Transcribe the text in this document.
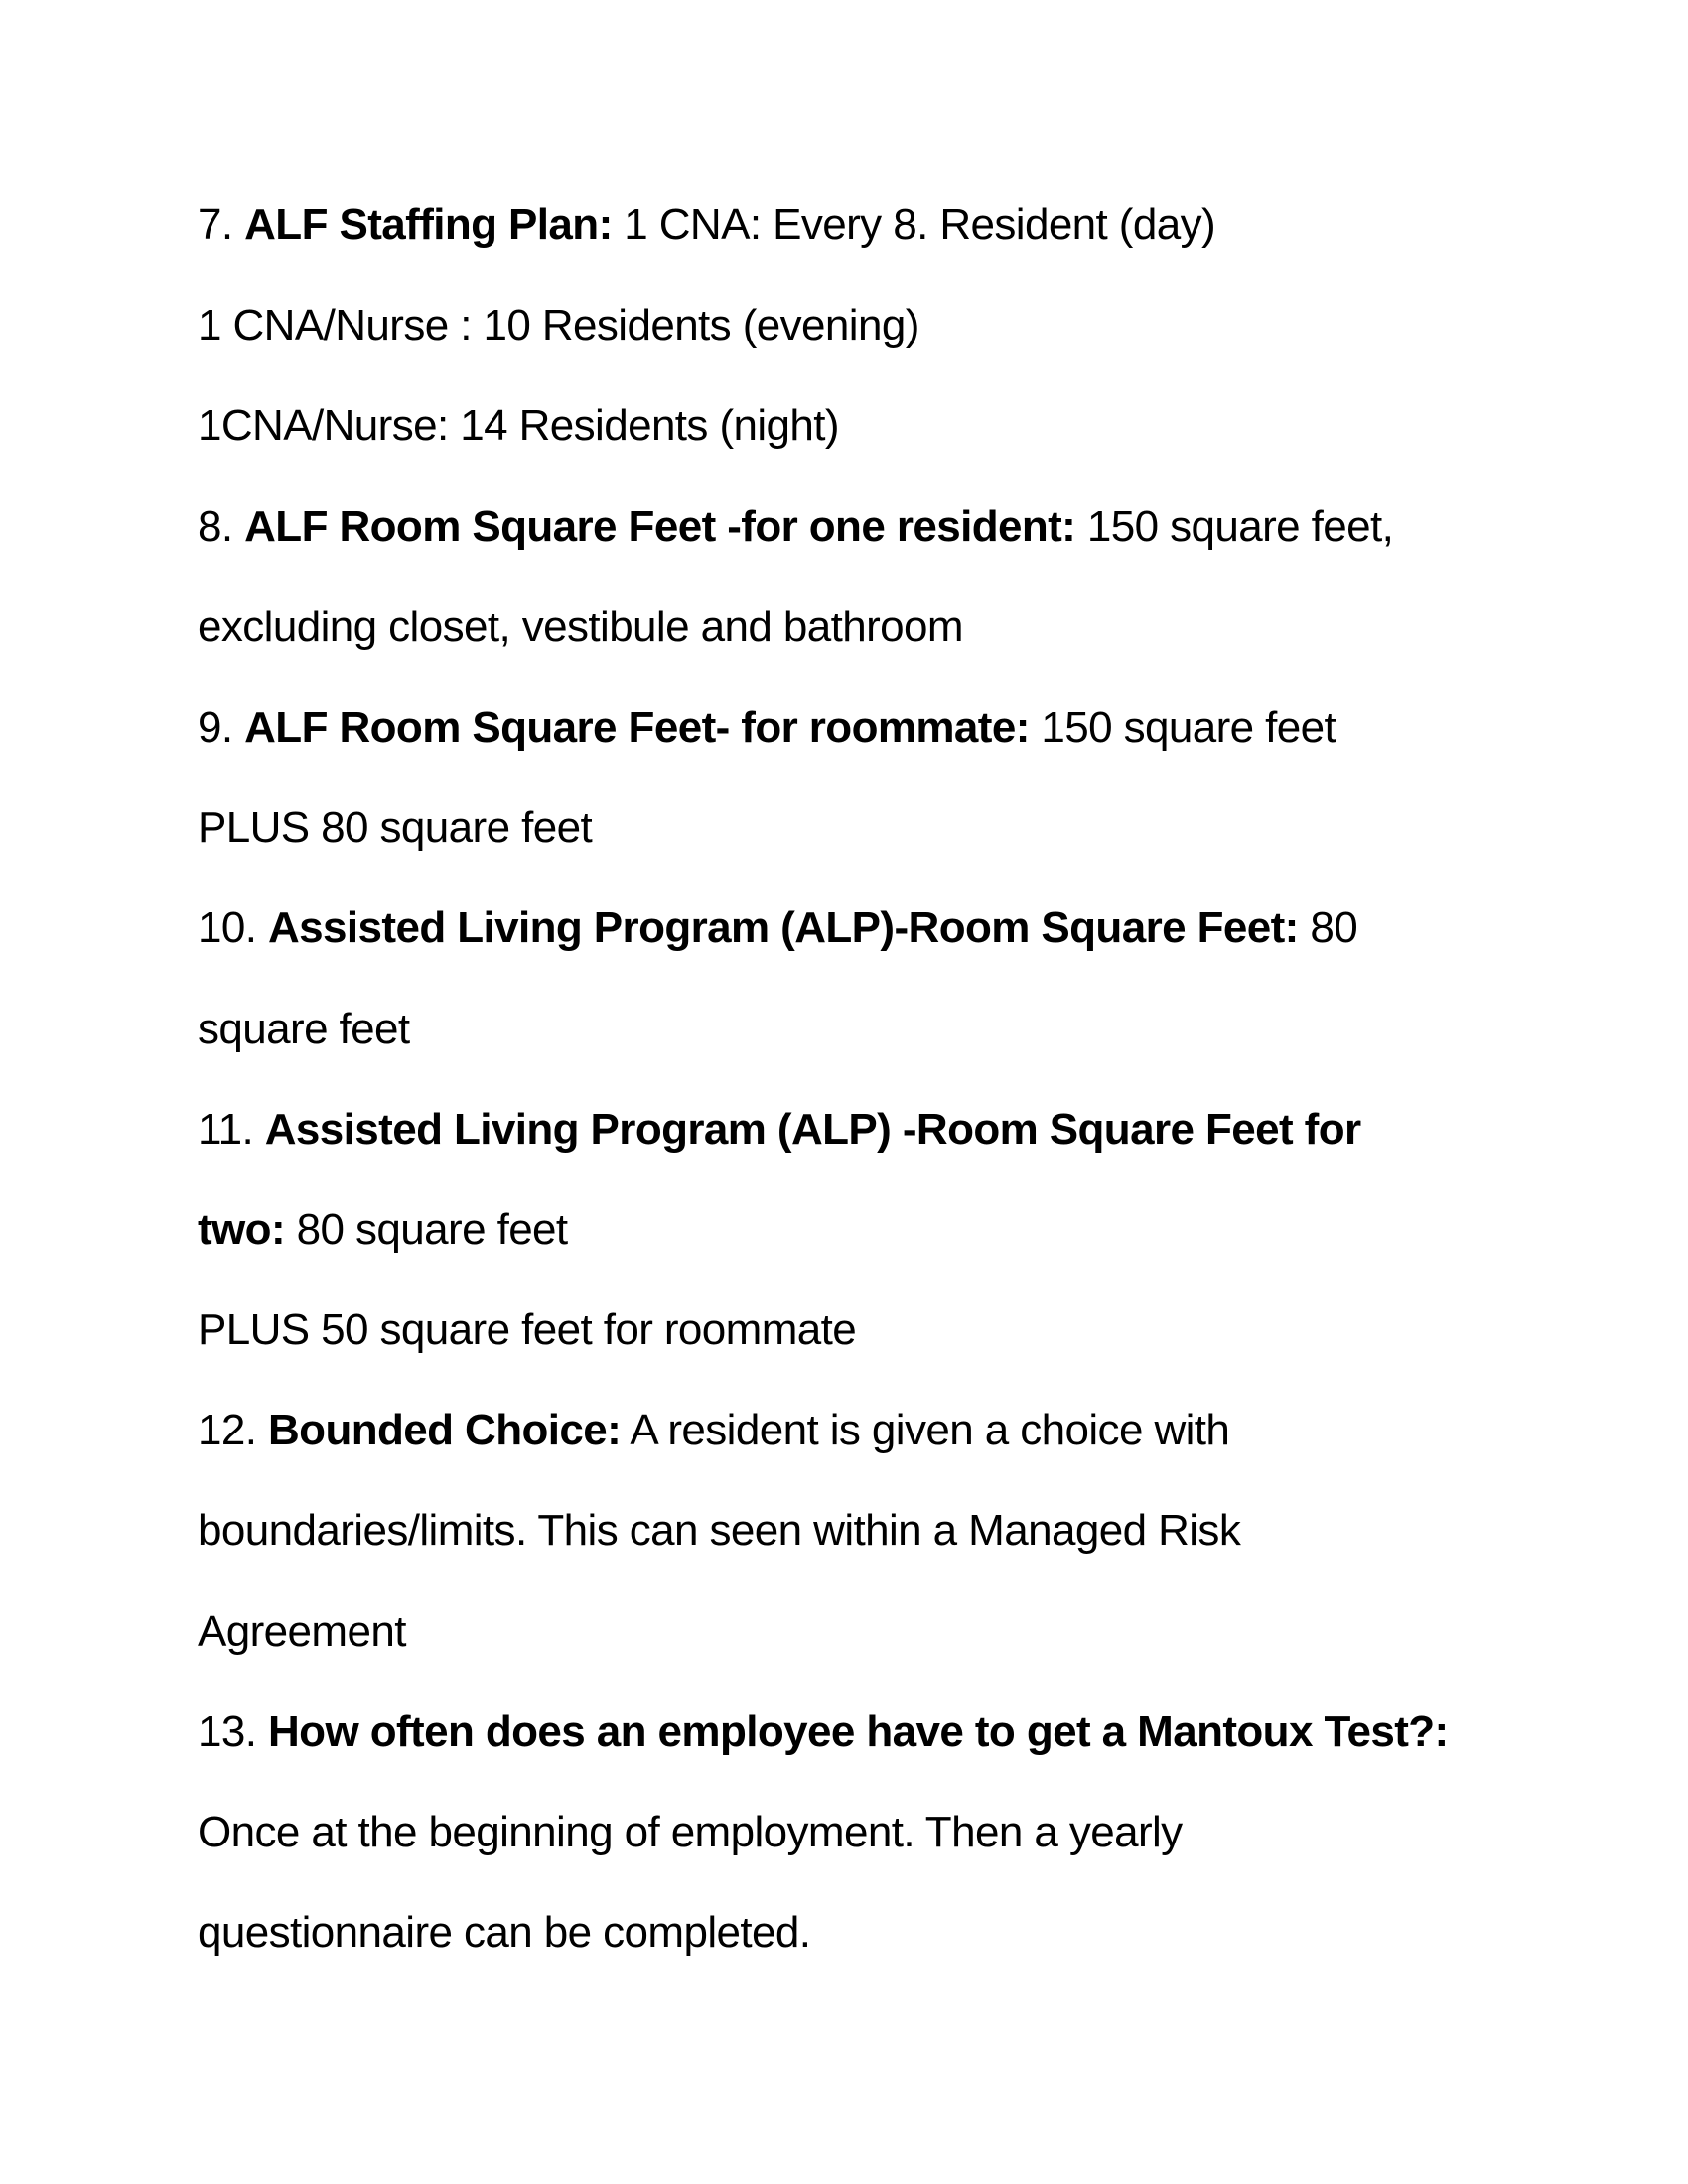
7. ALF Staffing Plan: 1 CNA: Every 8. Resident (day)
1 CNA/Nurse : 10 Residents (evening)
1CNA/Nurse: 14 Residents (night)
8. ALF Room Square Feet -for one resident: 150 square feet,
excluding closet, vestibule and bathroom
9. ALF Room Square Feet- for roommate: 150 square feet
PLUS 80 square feet
10. Assisted Living Program (ALP)-Room Square Feet: 80
square feet
11. Assisted Living Program (ALP) -Room Square Feet for
two: 80 square feet
PLUS 50 square feet for roommate
12. Bounded Choice: A resident is given a choice with
boundaries/limits. This can seen within a Managed Risk
Agreement
13. How often does an employee have to get a Mantoux Test?:
Once at the beginning of employment. Then a yearly
questionnaire can be completed.
